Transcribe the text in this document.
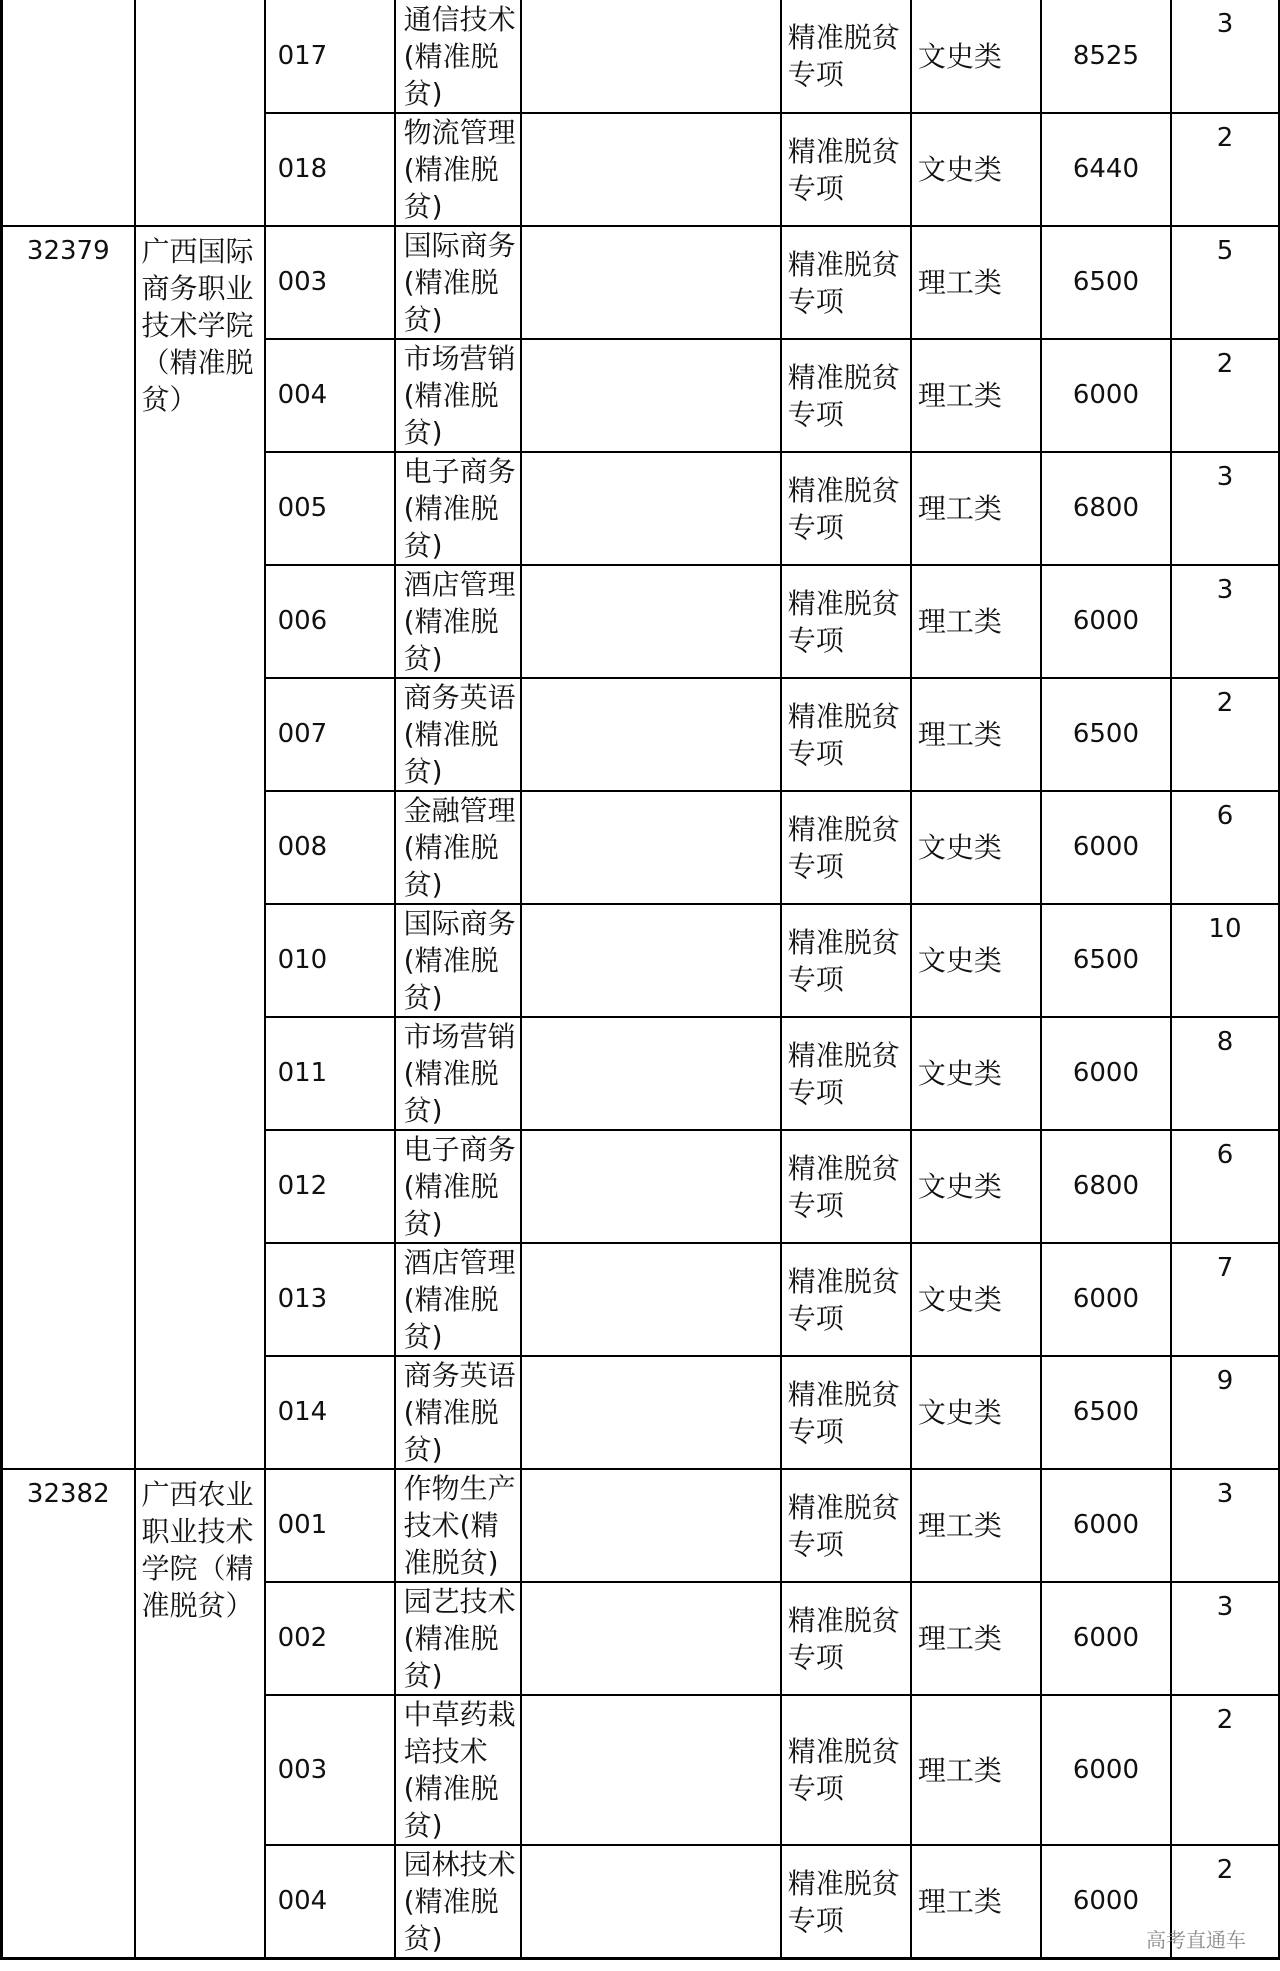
		017	通信技术(精准脱贫)		精准脱贫专项	文史类	8525	3
		018	物流管理(精准脱贫)		精准脱贫专项	文史类	6440	2
32379	广西国际商务职业技术学院（精准脱贫）	003	国际商务(精准脱贫)		精准脱贫专项	理工类	6500	5
		004	市场营销(精准脱贫)		精准脱贫专项	理工类	6000	2
		005	电子商务(精准脱贫)		精准脱贫专项	理工类	6800	3
		006	酒店管理(精准脱贫)		精准脱贫专项	理工类	6000	3
		007	商务英语(精准脱贫)		精准脱贫专项	理工类	6500	2
		008	金融管理(精准脱贫)		精准脱贫专项	文史类	6000	6
		010	国际商务(精准脱贫)		精准脱贫专项	文史类	6500	10
		011	市场营销(精准脱贫)		精准脱贫专项	文史类	6000	8
		012	电子商务(精准脱贫)		精准脱贫专项	文史类	6800	6
		013	酒店管理(精准脱贫)		精准脱贫专项	文史类	6000	7
		014	商务英语(精准脱贫)		精准脱贫专项	文史类	6500	9
32382	广西农业职业技术学院（精准脱贫）	001	作物生产技术(精准脱贫)		精准脱贫专项	理工类	6000	3
		002	园艺技术(精准脱贫)		精准脱贫专项	理工类	6000	3
		003	中草药栽培技术(精准脱贫)		精准脱贫专项	理工类	6000	2
		004	园林技术(精准脱贫)		精准脱贫专项	理工类	6000	2
高考直通车
